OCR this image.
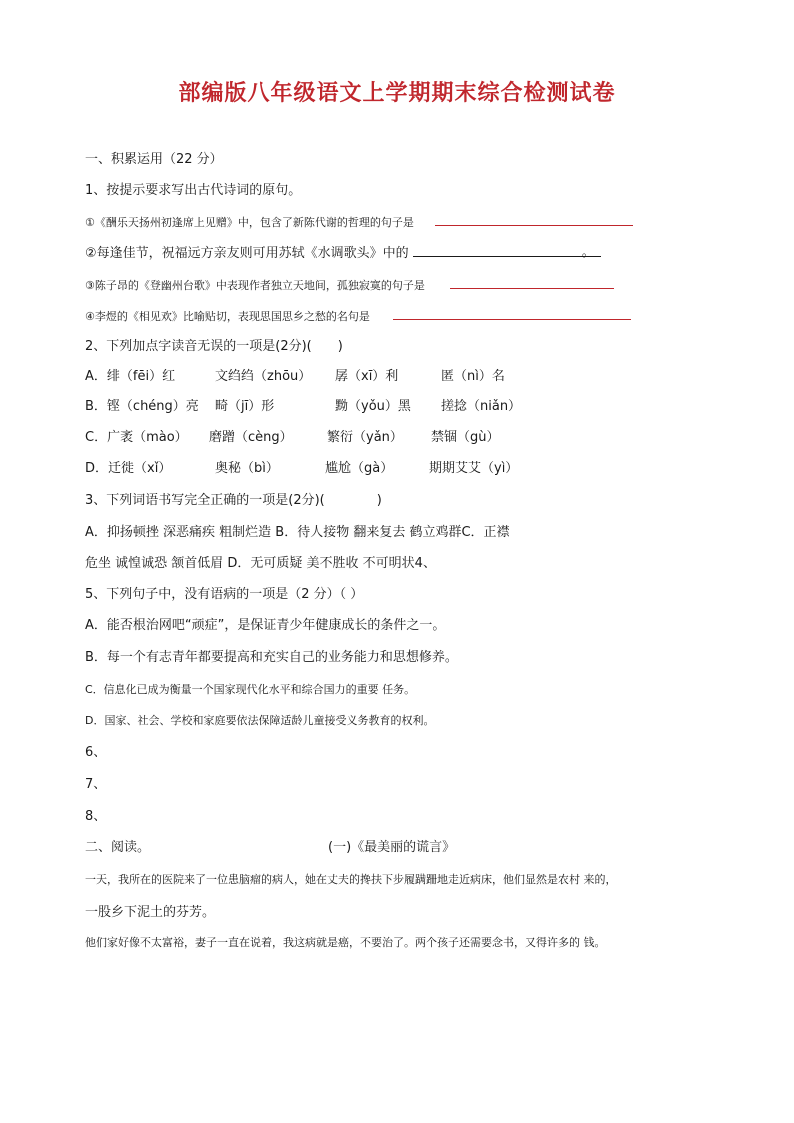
部编版八年级语文上学期期末综合检测试卷
一、积累运用（22 分）
1、按提示要求写出古代诗词的原句。
①《酬乐天扬州初逢席上见赠》中，包含了新陈代谢的哲理的句子是
②每逢佳节，祝福远方亲友则可用苏轼《水调歌头》中的	。
③陈子昂的《登幽州台歌》中表现作者独立天地间，孤独寂寞的句子是
④李煜的《相见欢》比喻贴切，表现思国思乡之愁的名句是
2、下列加点字读音无误的一项是(2分)(　　)
A．绯（fēi）红	文绉绉（zhōu） 孱（xī）利	匿（nì）名
B．铿（chéng）亮 畸（jī）形	黝（yǒu）黑 搓捻（niǎn）
C．广袤（mào） 磨蹭（cèng）	繁衍（yǎn） 禁锢（gù）
D．迁徙（xǐ）	奥秘（bì）	尴尬（gà）	期期艾艾（yì）
3、下列词语书写完全正确的一项是(2分)(　　　　)
A．抑扬顿挫 深恶痛疾 粗制烂造 B．待人接物 翻来复去 鹤立鸡群C．正襟
危坐 诚惶诚恐 颔首低眉 D．无可质疑 美不胜收 不可明状4、
5、下列句子中，没有语病的一项是（2 分）（ ）
A．能否根治网吧“顽症”，是保证青少年健康成长的条件之一。
B．每一个有志青年都要提高和充实自己的业务能力和思想修养。
C．信息化已成为衡量一个国家现代化水平和综合国力的重要 任务。
D．国家、社会、学校和家庭要依法保障适龄儿童接受义务教育的权利。
6、
7、
8、
二、阅读。	(一)《最美丽的谎言》
一天，我所在的医院来了一位患脑瘤的病人，她在丈夫的搀扶下步履蹒跚地走近病床，他们显然是农村 来的，
一股乡下泥土的芬芳。
他们家好像不太富裕，妻子一直在说着，我这病就是癌，不要治了。两个孩子还需要念书，又得许多的 钱。
